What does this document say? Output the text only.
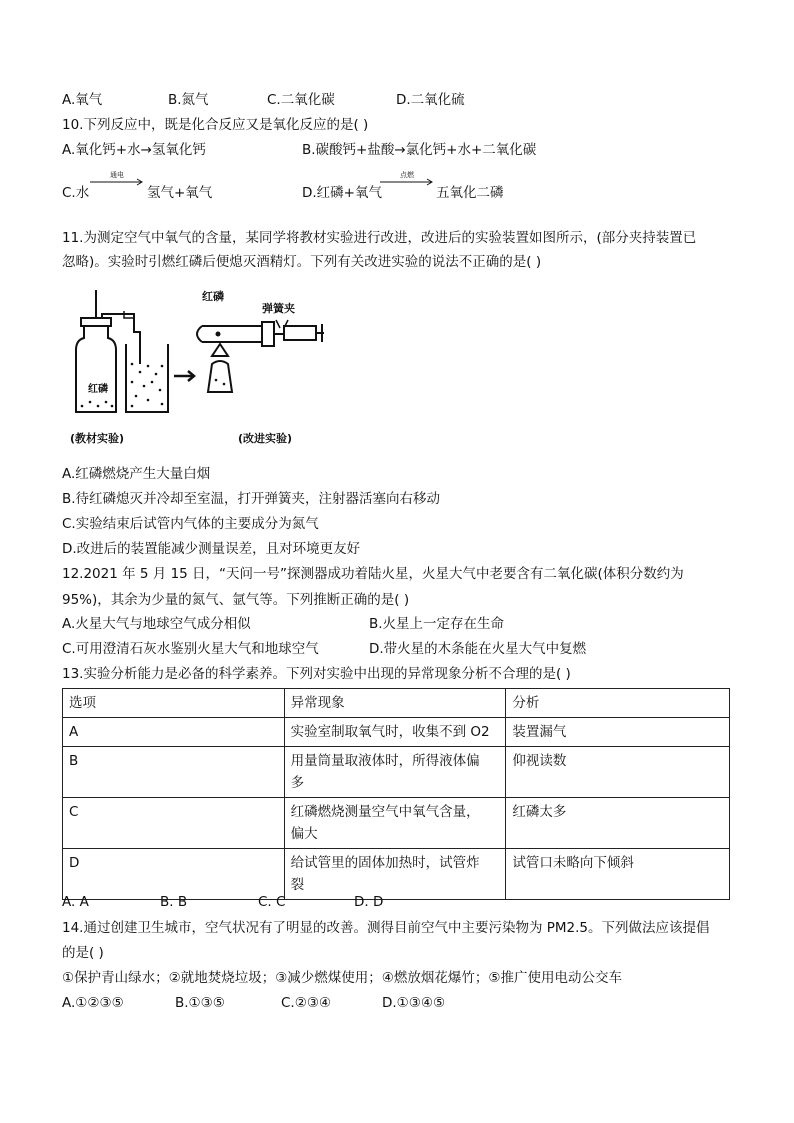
A.氧气	B.氮气	C.二氧化碳	D.二氧化硫
10.下列反应中，既是化合反应又是氧化反应的是( )
A.氧化钙+水→氢氧化钙	B.碳酸钙+盐酸→氯化钙+水+二氧化碳
C.水
通电
氢气+氧气	D.红磷+氧气
点燃
五氧化二磷
11.为测定空气中氧气的含量，某同学将教材实验进行改进，改进后的实验装置如图所示，(部分夹持装置已
忽略)。实验时引燃红磷后便熄灭酒精灯。下列有关改进实验的说法不正确的是( )
红磷
弹簧夹
红磷
(教材实验)	(改进实验)
A.红磷燃烧产生大量白烟
B.待红磷熄灭并冷却至室温，打开弹簧夹，注射器活塞向右移动
C.实验结束后试管内气体的主要成分为氮气
D.改进后的装置能减少测量误差，且对环境更友好
12.2021 年 5 月 15 日，“天问一号”探测器成功着陆火星，火星大气中老要含有二氧化碳(体积分数约为
95%)，其余为少量的氮气、氩气等。下列推断正确的是( )
A.火星大气与地球空气成分相似	B.火星上一定存在生命
C.可用澄清石灰水鉴别火星大气和地球空气	D.带火星的木条能在火星大气中复燃
13.实验分析能力是必备的科学素养。下列对实验中出现的异常现象分析不合理的是( )
选项	异常现象	分析
A	实验室制取氧气时，收集不到 O2	装置漏气
B	用量筒量取液体时，所得液体偏多	仰视读数
C	红磷燃烧测量空气中氧气含量，偏大	红磷太多
D	给试管里的固体加热时，试管炸裂	试管口未略向下倾斜
A. A	B. B	C. C	D. D
14.通过创建卫生城市，空气状况有了明显的改善。测得目前空气中主要污染物为 PM2.5。下列做法应该提倡
的是( )
①保护青山绿水；②就地焚烧垃圾；③减少燃煤使用；④燃放烟花爆竹；⑤推广使用电动公交车
A.①②③⑤	B.①③⑤	C.②③④	D.①③④⑤
